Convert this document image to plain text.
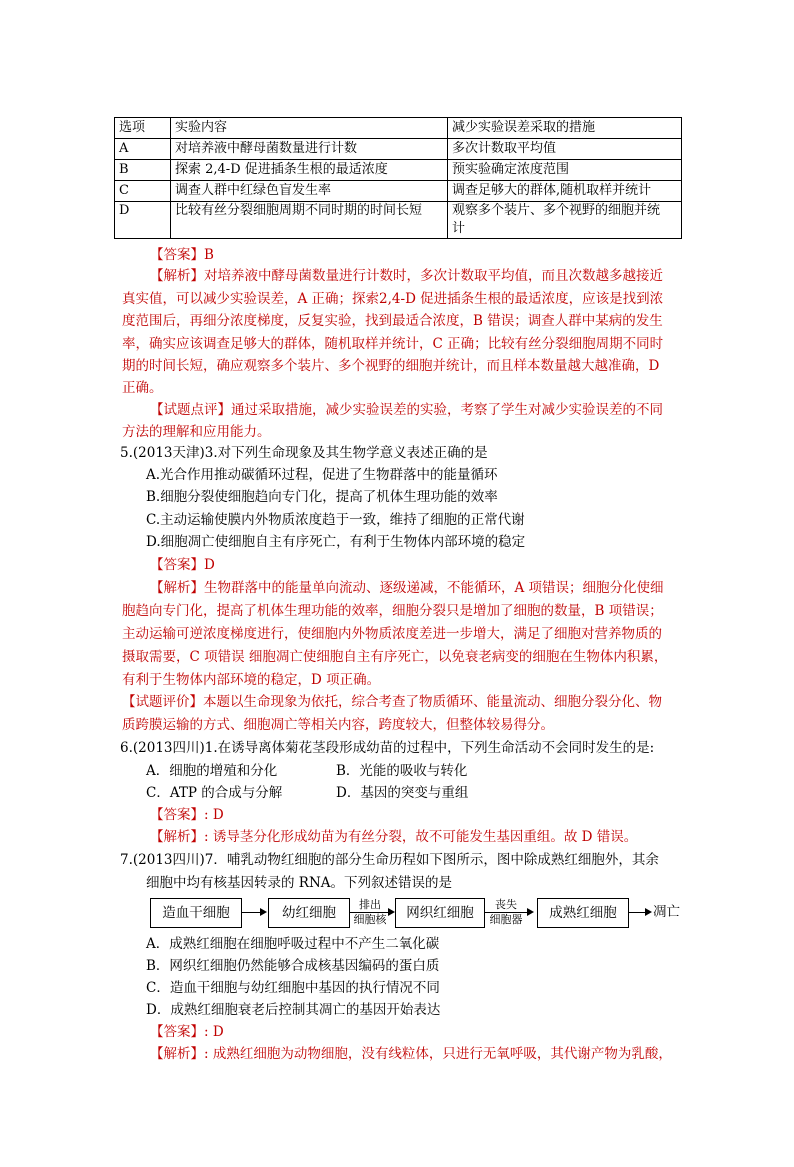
选项	实验内容	减少实验误差采取的措施
A	对培养液中酵母菌数量进行计数	多次计数取平均值
B	探索 2,4-D 促进插条生根的最适浓度	预实验确定浓度范围
C	调查人群中红绿色盲发生率	调查足够大的群体,随机取样并统计
D	比较有丝分裂细胞周期不同时期的时间长短	观察多个装片、多个视野的细胞并统
计
【答案】B
【解析】对培养液中酵母菌数量进行计数时，多次计数取平均值，而且次数越多越接近
真实值，可以减少实验误差，A 正确；探索2,4-D 促进插条生根的最适浓度，应该是找到浓
度范围后，再细分浓度梯度，反复实验，找到最适合浓度，B 错误；调查人群中某病的发生
率，确实应该调查足够大的群体，随机取样并统计，C 正确；比较有丝分裂细胞周期不同时
期的时间长短，确应观察多个装片、多个视野的细胞并统计，而且样本数量越大越准确，D
正确。
【试题点评】通过采取措施，减少实验误差的实验，考察了学生对减少实验误差的不同
方法的理解和应用能力。
5.(2013天津)3.对下列生命现象及其生物学意义表述正确的是
A.光合作用推动碳循环过程，促进了生物群落中的能量循环
B.细胞分裂使细胞趋向专门化，提高了机体生理功能的效率
C.主动运输使膜内外物质浓度趋于一致，维持了细胞的正常代谢
D.细胞凋亡使细胞自主有序死亡，有利于生物体内部环境的稳定
【答案】D
【解析】生物群落中的能量单向流动、逐级递减，不能循环，A 项错误；细胞分化使细
胞趋向专门化，提高了机体生理功能的效率，细胞分裂只是增加了细胞的数量，B 项错误；
主动运输可逆浓度梯度进行，使细胞内外物质浓度差进一步增大，满足了细胞对营养物质的
摄取需要，C 项错误 细胞凋亡使细胞自主有序死亡，以免衰老病变的细胞在生物体内积累，
有利于生物体内部环境的稳定，D 项正确。
【试题评价】本题以生命现象为依托，综合考查了物质循环、能量流动、细胞分裂分化、物
质跨膜运输的方式、细胞凋亡等相关内容，跨度较大，但整体较易得分。
6.(2013四川)1.在诱导离体菊花茎段形成幼苗的过程中，下列生命活动不会同时发生的是:
A．细胞的增殖和分化	B．光能的吸收与转化
C．ATP 的合成与分解	D．基因的突变与重组
【答案】: D
【解析】: 诱导茎分化形成幼苗为有丝分裂，故不可能发生基因重组。故 D 错误。
7.(2013四川)7．哺乳动物红细胞的部分生命历程如下图所示，图中除成熟红细胞外，其余
细胞中均有核基因转录的 RNA。下列叙述错误的是
造血干细胞	幼红细胞
排出
细胞核	网织红细胞
丧失
细胞器	成熟红细胞	凋亡
A．成熟红细胞在细胞呼吸过程中不产生二氧化碳
B．网织红细胞仍然能够合成核基因编码的蛋白质
C．造血干细胞与幼红细胞中基因的执行情况不同
D．成熟红细胞衰老后控制其凋亡的基因开始表达
【答案】: D
【解析】: 成熟红细胞为动物细胞，没有线粒体，只进行无氧呼吸，其代谢产物为乳酸，
